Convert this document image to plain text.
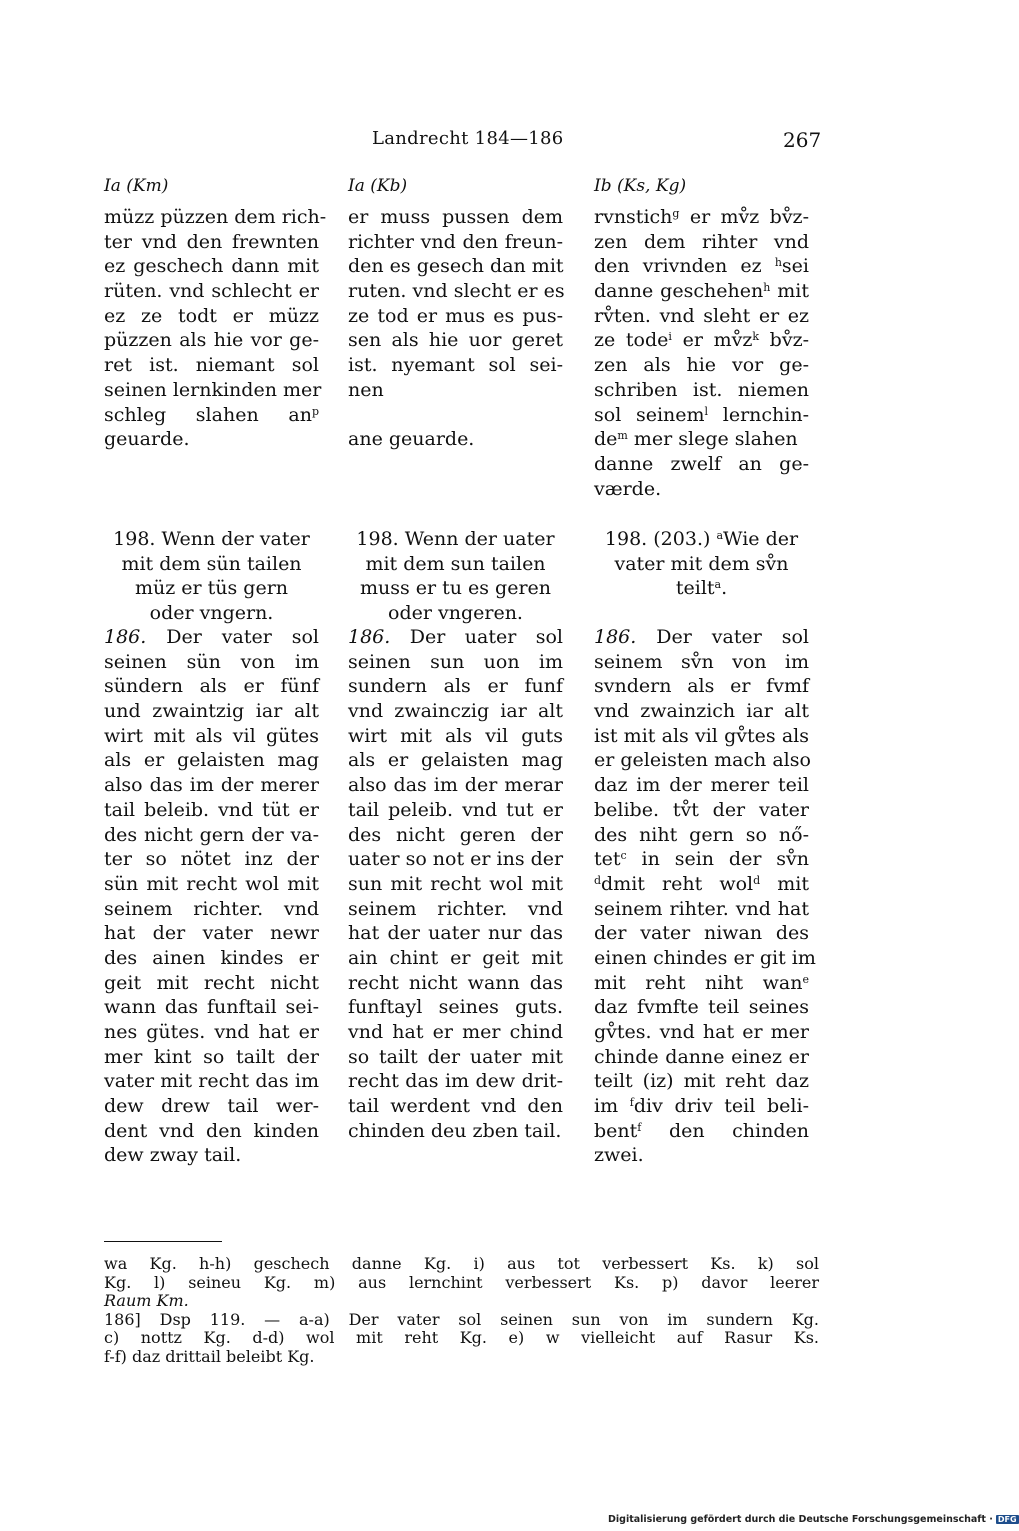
Landrecht 184—186	267
Ia (Km)
müzz püzzen dem rich-
ter vnd den frewnten
ez geschech dann mit
rüten. vnd schlecht er
ez ze todt er müzz
püzzen als hie vor ge-
ret ist. niemant sol
seinen lernkinden mer
schleg slahen $an^p$
geuarde.
198. Wenn der vater
mit dem sün tailen
müz er tüs gern
oder vngern.
186. Der vater sol
seinen sün von im
sündern als er fünf
und zwaintzig iar alt
wirt mit als vil gütes
als er gelaisten mag
also das im der merer
tail beleib. vnd tüt er
des nicht gern der va-
ter so nötet inz der
sün mit recht wol mit
seinem richter. vnd
hat der vater newr
des ainen kindes er
geit mit recht nicht
wann das funftail sei-
nes gütes. vnd hat er
mer kint so tailt der
vater mit recht das im
dew drew tail wer-
dent vnd den kinden
dew zway tail.
Ia (Kb)
er muss pussen dem
richter vnd den freun-
den es gesech dan mit
ruten. vnd slecht er es
ze tod er mus es pus-
sen als hie uor geret
ist. nyemant sol sei-
nen
ane geuarde.
198. Wenn der uater
mit dem sun tailen
muss er tu es geren
oder vngeren.
186. Der uater sol
seinen sun uon im
sundern als er funf
vnd zwainczig iar alt
wirt mit als vil guts
als er gelaisten mag
also das im der merar
tail peleib. vnd tut er
des nicht geren der
uater so not er ins der
sun mit recht wol mit
seinem richter. vnd
hat der uater nur das
ain chint er geit mit
recht nicht wann das
funftayl seines guts.
vnd hat er mer chind
so tailt der uater mit
recht das im dew drit-
tail werdent vnd den
chinden deu zben tail.
Ib (Ks, Kg)
rvnstich$^g$ er mv̊z bv̊z-
zen dem rihter vnd
den vrivnden ez $^h$sei
danne geschehen$^h$ mit
rv̊ten. vnd sleht er ez
ze tode$^i$ er $mv̊z^k$ bv̊z-
zen als hie vor ge-
schriben ist. niemen
sol seinem$^l$ lernchin-
$de^m$ mer slege slahen
danne zwelf an ge-
værde.
198. (203.) $^a$Wie der
vater mit dem sv̊n
teilt$^a$.
186. Der vater sol
seinem sv̊n von im
svndern als er fvmf
vnd zwainzich iar alt
ist mit als vil gv̊tes als
er geleisten mach also
daz im der merer teil
belibe. tv̊t der vater
des niht gern so nő-
tet$^c$ in sein der sv̊n
$^d$dmit reht wol$^d$ mit
seinem rihter. vnd hat
der vater niwan des
einen chindes er git im
mit reht niht wan$^e$
daz fvmfte teil seines
gv̊tes. vnd hat er mer
chinde danne einez er
teilt (iz) mit reht daz
im $^f$div driv teil beli-
bent$^f$ den chinden
zwei.
wa Kg. h-h) geschech danne Kg. i) aus tot verbessert Ks. k) sol
Kg. l) seineu Kg. m) aus lernchint verbessert Ks. p) davor leerer
Raum Km.
186] Dsp 119. — a-a) Der vater sol seinen sun von im sundern Kg.
c) nottz Kg. d-d) wol mit reht Kg. e) w vielleicht auf Rasur Ks.
f-f) daz drittail beleibt Kg.
Digitalisierung gefördert durch die Deutsche Forschungsgemeinschaft · DFG
